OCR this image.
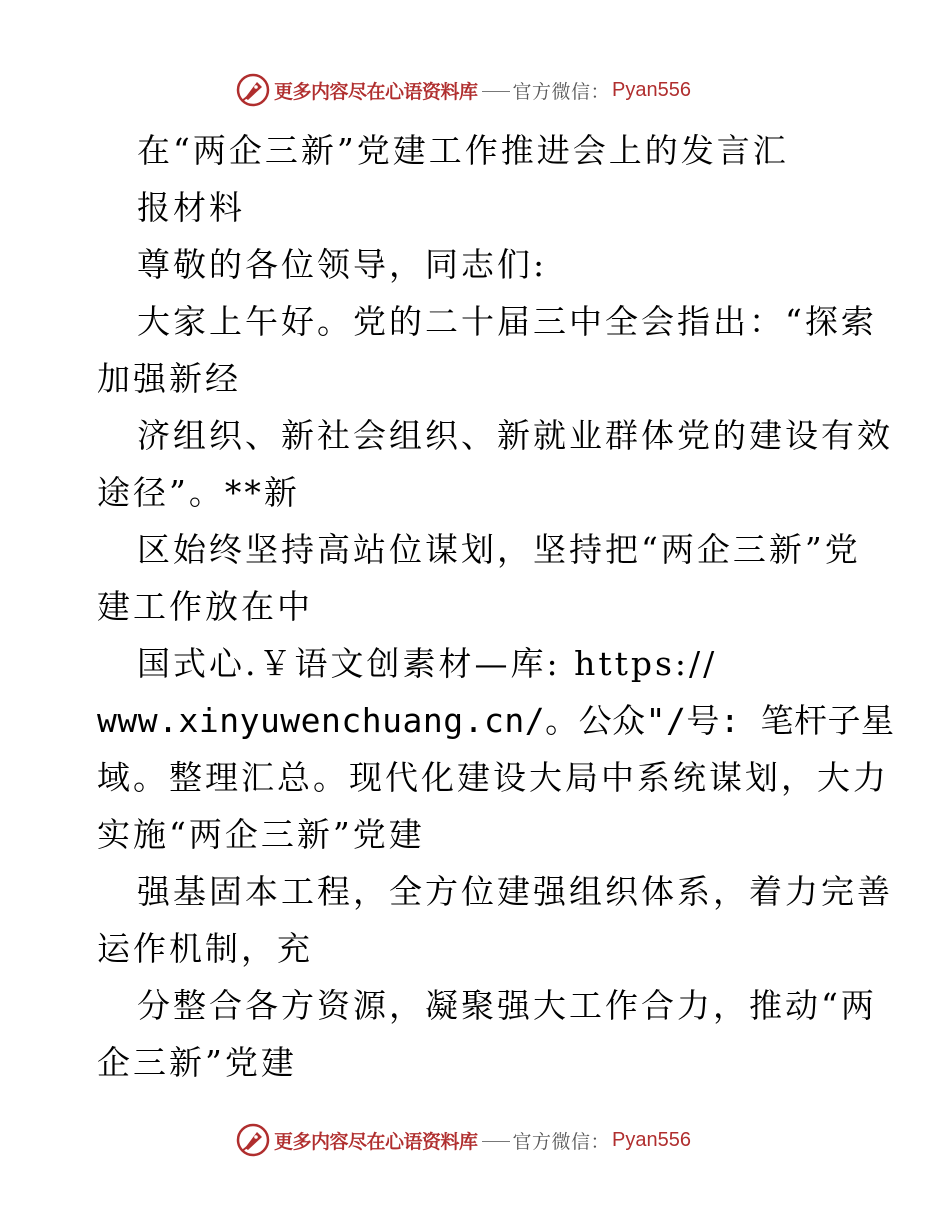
更多内容尽在心语资料库 官方微信： Pyan556
在“两企三新”党建工作推进会上的发言汇
报材料
尊敬的各位领导，同志们:
大家上午好。党的二十届三中全会指出：“探索
加强新经
济组织、新社会组织、新就业群体党的建设有效
途径”。**新
区始终坚持高站位谋划，坚持把“两企三新”党
建工作放在中
国式心.￥语文创素材—库: https://
www.xinyuwenchuang.cn/。公众"/号: 笔杆子星
域。整理汇总。现代化建设大局中系统谋划，大力
实施“两企三新”党建
强基固本工程，全方位建强组织体系，着力完善
运作机制，充
分整合各方资源，凝聚强大工作合力，推动“两
企三新”党建
更多内容尽在心语资料库 官方微信： Pyan556
